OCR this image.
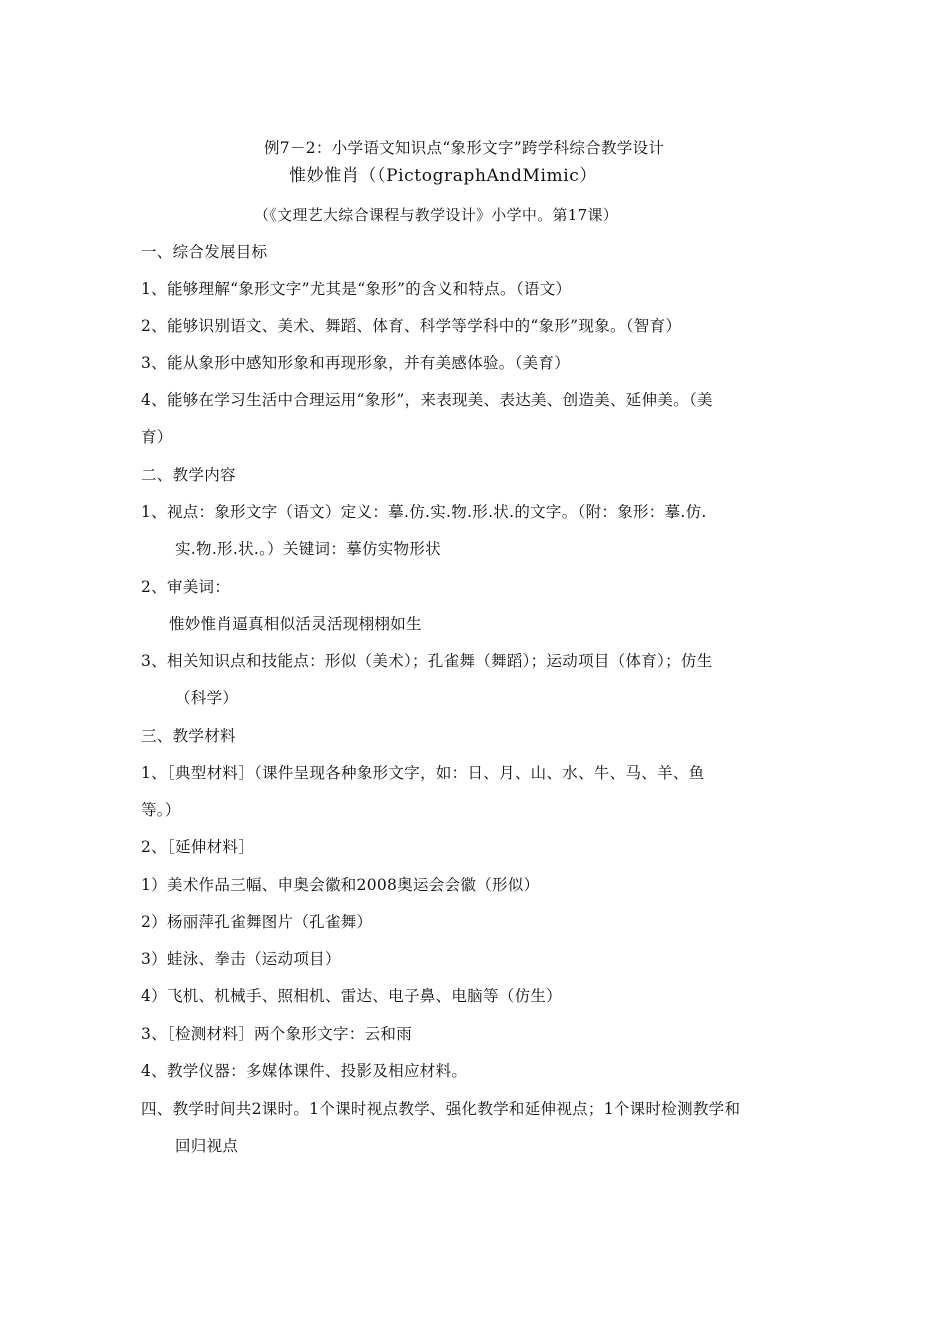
例7－2：小学语文知识点“象形文字”跨学科综合教学设计
惟妙惟肖（（PictographAndMimic）
（《文理艺大综合课程与教学设计》小学中。第17课）
一、综合发展目标
1、能够理解“象形文字”尤其是“象形”的含义和特点。（语文）
2、能够识别语文、美术、舞蹈、体育、科学等学科中的“象形”现象。（智育）
3、能从象形中感知形象和再现形象，并有美感体验。（美育）
4、能够在学习生活中合理运用“象形”，来表现美、表达美、创造美、延伸美。（美
育）
二、教学内容
1、视点：象形文字（语文）定义：摹.仿.实.物.形.状.的文字。（附：象形：摹.仿.
实.物.形.状.。）关键词：摹仿实物形状
2、审美词：
惟妙惟肖逼真相似活灵活现栩栩如生
3、相关知识点和技能点：形似（美术）；孔雀舞（舞蹈）；运动项目（体育）；仿生
（科学）
三、教学材料
1、［典型材料］（课件呈现各种象形文字，如：日、月、山、水、牛、马、羊、鱼
等。）
2、［延伸材料］
1）美术作品三幅、申奥会徽和2008奥运会会徽（形似）
2）杨丽萍孔雀舞图片（孔雀舞）
3）蛙泳、拳击（运动项目）
4）飞机、机械手、照相机、雷达、电子鼻、电脑等（仿生）
3、［检测材料］两个象形文字：云和雨
4、教学仪器：多媒体课件、投影及相应材料。
四、教学时间共2课时。1个课时视点教学、强化教学和延伸视点；1个课时检测教学和
回归视点
